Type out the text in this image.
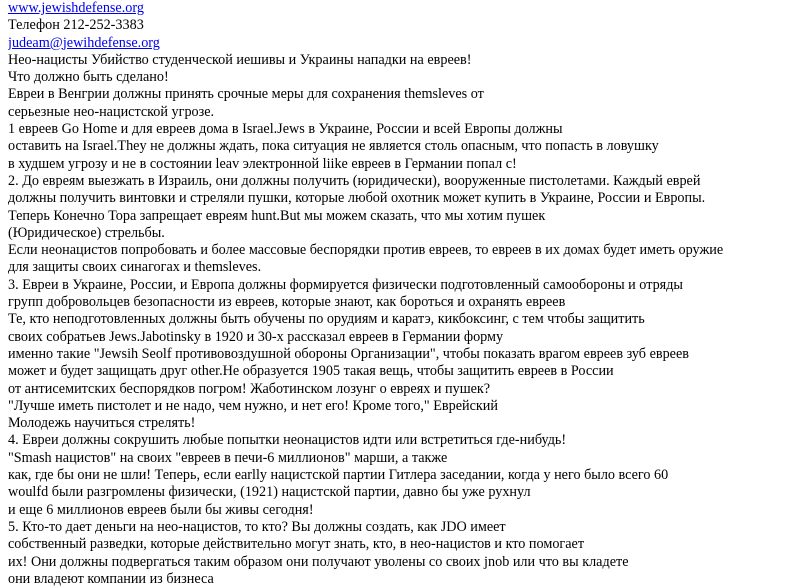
www.jewishdefense.org
Телефон 212-252-3383
judeam@jewihdefense.org
Нео-нацисты Убийство студенческой иешивы и Украины нападки на евреев!
Что должно быть сделано!
Евреи в Венгрии должны принять срочные меры для сохранения themsleves от
серьезные нео-нацистской угрозе.
1 евреев Go Home и для евреев дома в Israel.Jews в Украине, России и всей Европы должны
оставить на Israel.They не должны ждать, пока ситуация не является столь опасным, что попасть в ловушку
в худшем угрозу и не в состоянии leav электронной liike евреев в Германии попал с!
2. До евреям выезжать в Израиль, они должны получить (юридически), вооруженные пистолетами. Каждый еврей
должны получить винтовки и стреляли пушки, которые любой охотник может купить в Украине, России и Европы.
Теперь Конечно Тора запрещает евреям hunt.But мы можем сказать, что мы хотим пушек
(Юридическое) стрельбы.
Если неонацистов попробовать и более массовые беспорядки против евреев, то евреев в их домах будет иметь оружие
для защиты своих синагогах и themsleves.
3. Евреи в Украине, России, и Европа должны формируется физически подготовленный самообороны и отряды
групп добровольцев безопасности из евреев, которые знают, как бороться и охранять евреев
Те, кто неподготовленных должны быть обучены по орудиям и каратэ, кикбоксинг, с тем чтобы защитить
своих собратьев Jews.Jabotinsky в 1920 и 30-х рассказал евреев в Германии форму
именно такие "Jewsih Seolf противовоздушной обороны Организации", чтобы показать врагом евреев зуб евреев
может и будет защищать друг other.Не образуется 1905 такая вещь, чтобы защитить евреев в России
от антисемитских беспорядков погром! Жаботинском лозунг о евреях и пушек?
"Лучше иметь пистолет и не надо, чем нужно, и нет его! Кроме того," Еврейский
Молодежь научиться стрелять!
4. Евреи должны сокрушить любые попытки неонацистов идти или встретиться где-нибудь!
"Smash нацистов" на своих "евреев в печи-6 миллионов" марши, а также
как, где бы они не шли! Теперь, если earlly нацистской партии Гитлера заседании, когда у него было всего 60
woulfd были разгромлены физически, (1921) нацистской партии, давно бы уже рухнул
и еще 6 миллионов евреев были бы живы сегодня!
5. Кто-то дает деньги на нео-нацистов, то кто? Вы должны создать, как JDO имеет
собственный разведки, которые действительно могут знать, кто, в нео-нацистов и кто помогает
их! Они должны подвергаться таким образом они получают уволены со своих jnob или что вы кладете
они владеют компании из бизнеса
